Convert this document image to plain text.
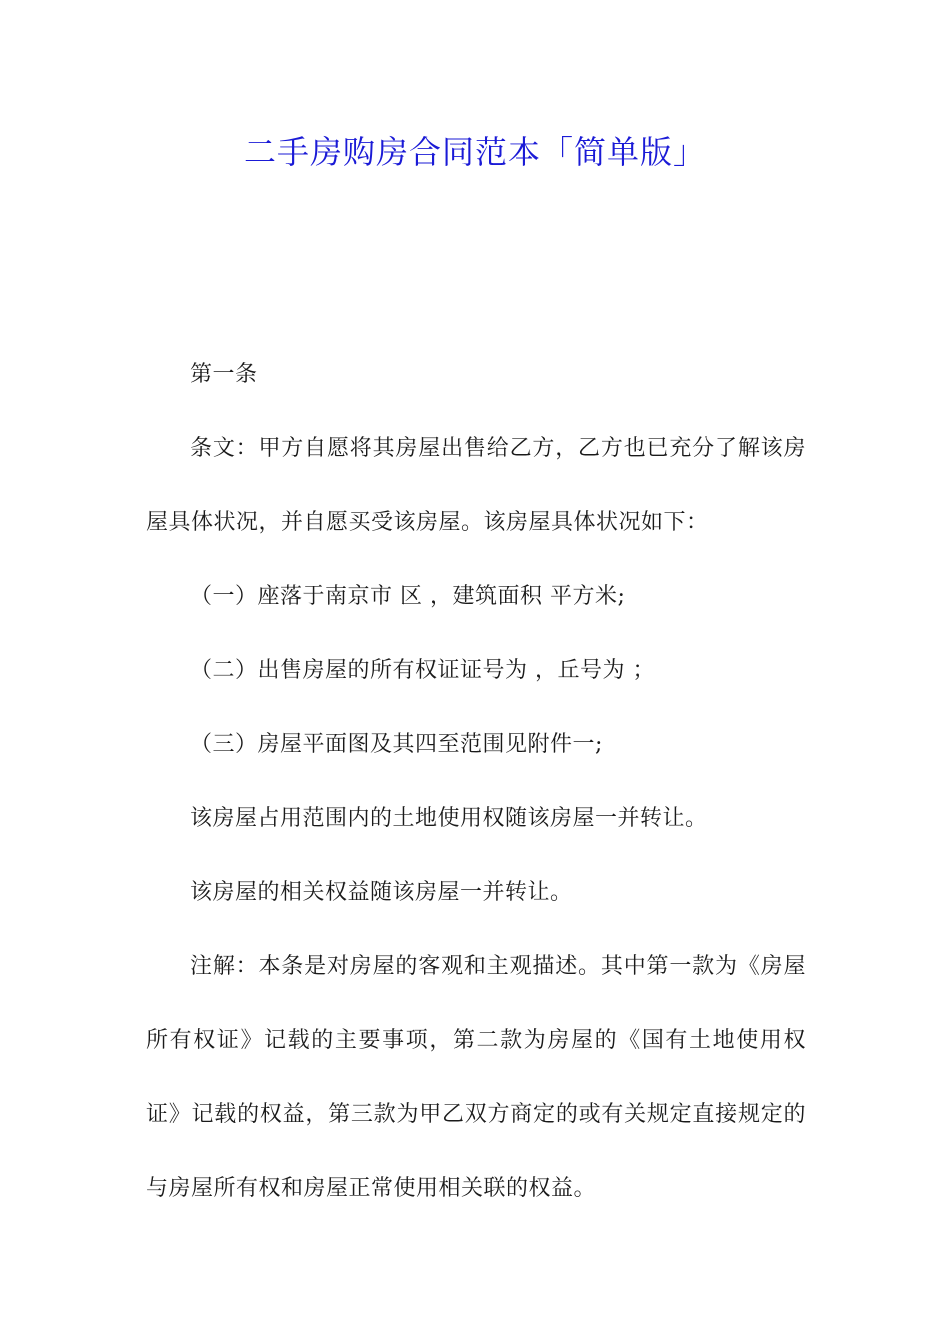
二手房购房合同范本「简单版」

第一条

条文：甲方自愿将其房屋出售给乙方，乙方也已充分了解该房屋具体状况，并自愿买受该房屋。该房屋具体状况如下：

（一）座落于南京市 区 ，建筑面积 平方米;

（二）出售房屋的所有权证证号为 ，丘号为 ；

（三）房屋平面图及其四至范围见附件一;

该房屋占用范围内的土地使用权随该房屋一并转让。

该房屋的相关权益随该房屋一并转让。

注解：本条是对房屋的客观和主观描述。其中第一款为《房屋所有权证》记载的主要事项，第二款为房屋的《国有土地使用权证》记载的权益，第三款为甲乙双方商定的或有关规定直接规定的与房屋所有权和房屋正常使用相关联的权益。
